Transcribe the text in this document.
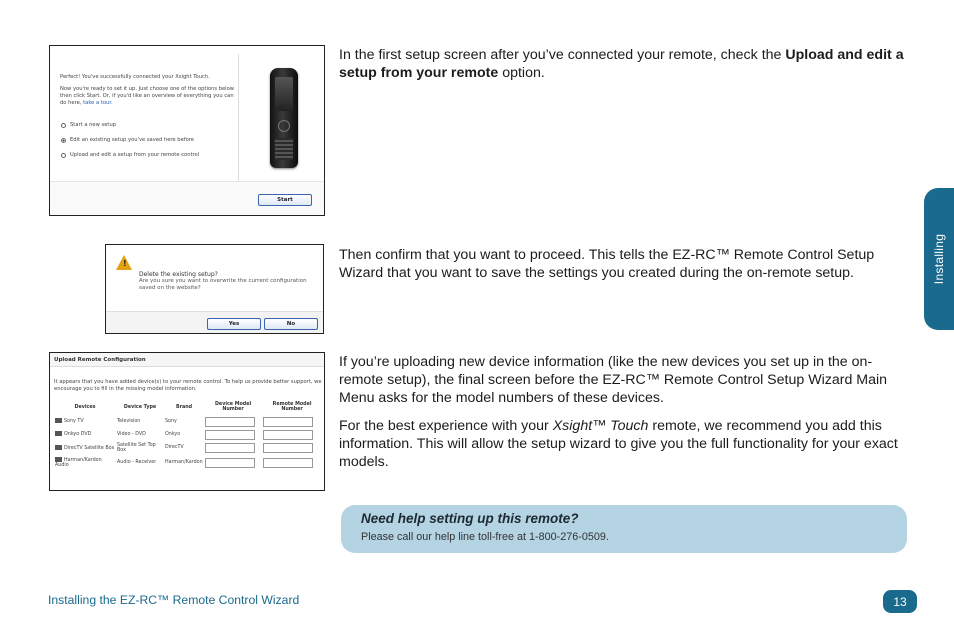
Installing
Perfect! You've successfully connected your Xsight Touch.
Now you're ready to set it up. Just choose one of the options below then click Start. Or, if you'd like an overview of everything you can do here, take a tour.
Start a new setup
Edit an existing setup you've saved here before
Upload and edit a setup from your remote control
Start
!
Delete the existing setup?
Are you sure you want to overwrite the current configuration saved on the website?
Yes	No
Upload Remote Configuration
It appears that you have added device(s) to your remote control. To help us provide better support, we encourage you to fill in the missing model information.
Devices	Device Type	Brand	Device Model Number	Remote Model Number
Sony TV	Television	Sony	

Onkyo DVD	Video - DVD	Onkyo	

DirecTV Satellite Box	Satellite Set Top Box	DirecTV	

Harman/Kardon Audio	Audio - Receiver	Harman/Kardon	

In the first setup screen after you’ve connected your remote, check the Upload and edit a setup from your remote option.

Then confirm that you want to proceed. This tells the EZ-RC™ Remote Control Setup Wizard that you want to save the settings you created during the on-remote setup.

If you’re uploading new device information (like the new devices you set up in the on-remote setup), the final screen before the EZ-RC™ Remote Control Setup Wizard Main Menu asks for the model numbers of these devices.

For the best experience with your Xsight™ Touch remote, we recommend you add this information. This will allow the setup wizard to give you the full functionality for your exact models.

Need help setting up this remote?
Please call our help line toll-free at 1-800-276-0509.
Installing the EZ-RC™ Remote Control Wizard	13
